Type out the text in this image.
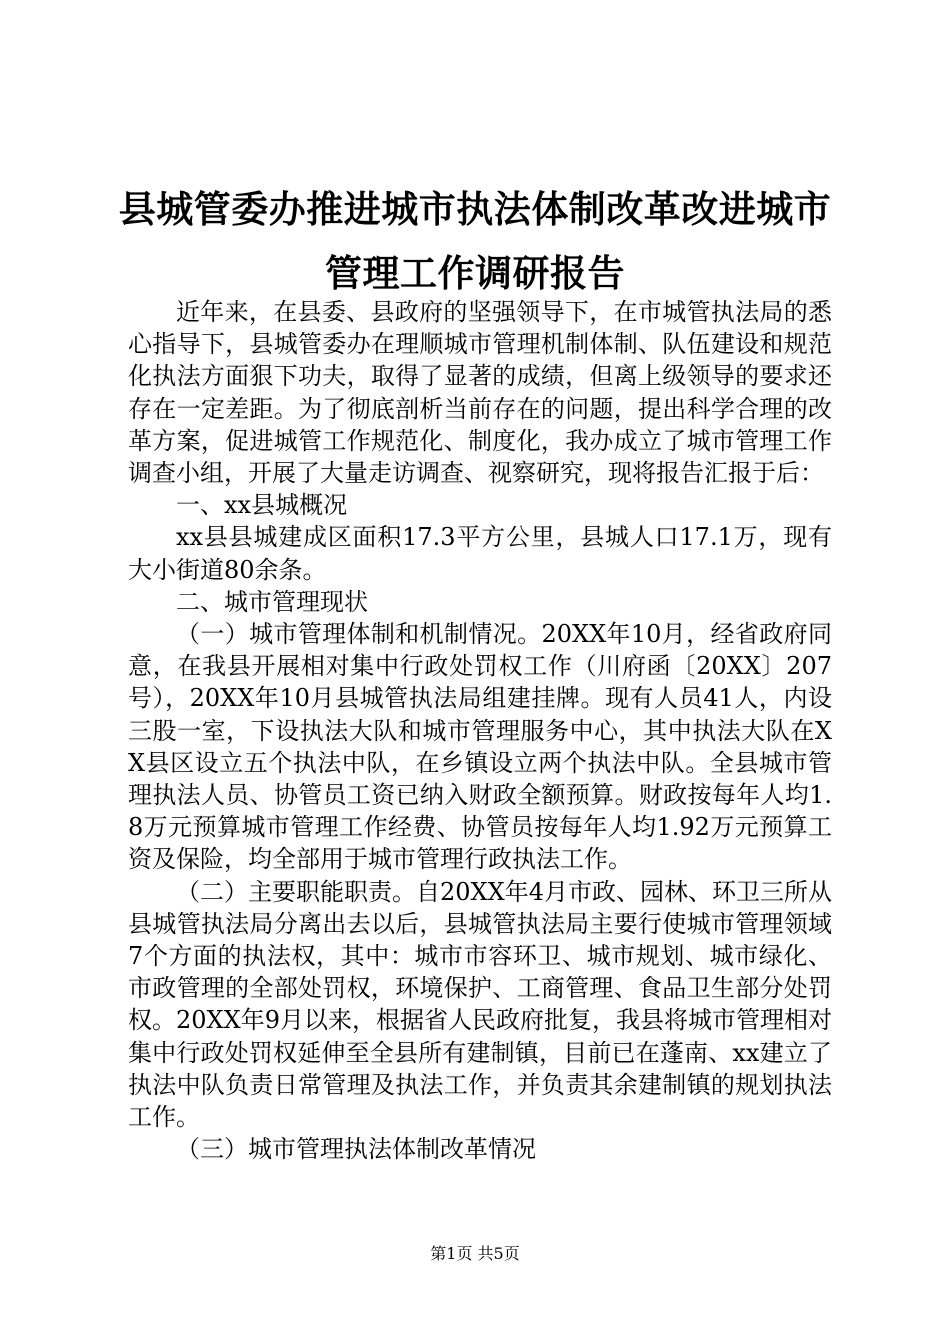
县城管委办推进城市执法体制改革改进城市管理工作调研报告

近年来，在县委、县政府的坚强领导下，在市城管执法局的悉心指导下，县城管委办在理顺城市管理机制体制、队伍建设和规范化执法方面狠下功夫，取得了显著的成绩，但离上级领导的要求还存在一定差距。为了彻底剖析当前存在的问题，提出科学合理的改革方案，促进城管工作规范化、制度化，我办成立了城市管理工作调查小组，开展了大量走访调查、视察研究，现将报告汇报于后：

一、xx县城概况

xx县县城建成区面积17.3平方公里，县城人口17.1万，现有大小街道80余条。

二、城市管理现状

（一）城市管理体制和机制情况。20XX年10月，经省政府同意，在我县开展相对集中行政处罚权工作（川府函〔20XX〕207号），20XX年10月县城管执法局组建挂牌。现有人员41人，内设三股一室，下设执法大队和城市管理服务中心，其中执法大队在XX县区设立五个执法中队，在乡镇设立两个执法中队。全县城市管理执法人员、协管员工资已纳入财政全额预算。财政按每年人均1.8万元预算城市管理工作经费、协管员按每年人均1.92万元预算工资及保险，均全部用于城市管理行政执法工作。

（二）主要职能职责。自20XX年4月市政、园林、环卫三所从县城管执法局分离出去以后，县城管执法局主要行使城市管理领域7个方面的执法权，其中：城市市容环卫、城市规划、城市绿化、市政管理的全部处罚权，环境保护、工商管理、食品卫生部分处罚权。20XX年9月以来，根据省人民政府批复，我县将城市管理相对集中行政处罚权延伸至全县所有建制镇，目前已在蓬南、xx建立了执法中队负责日常管理及执法工作，并负责其余建制镇的规划执法工作。

（三）城市管理执法体制改革情况

第1页 共5页
